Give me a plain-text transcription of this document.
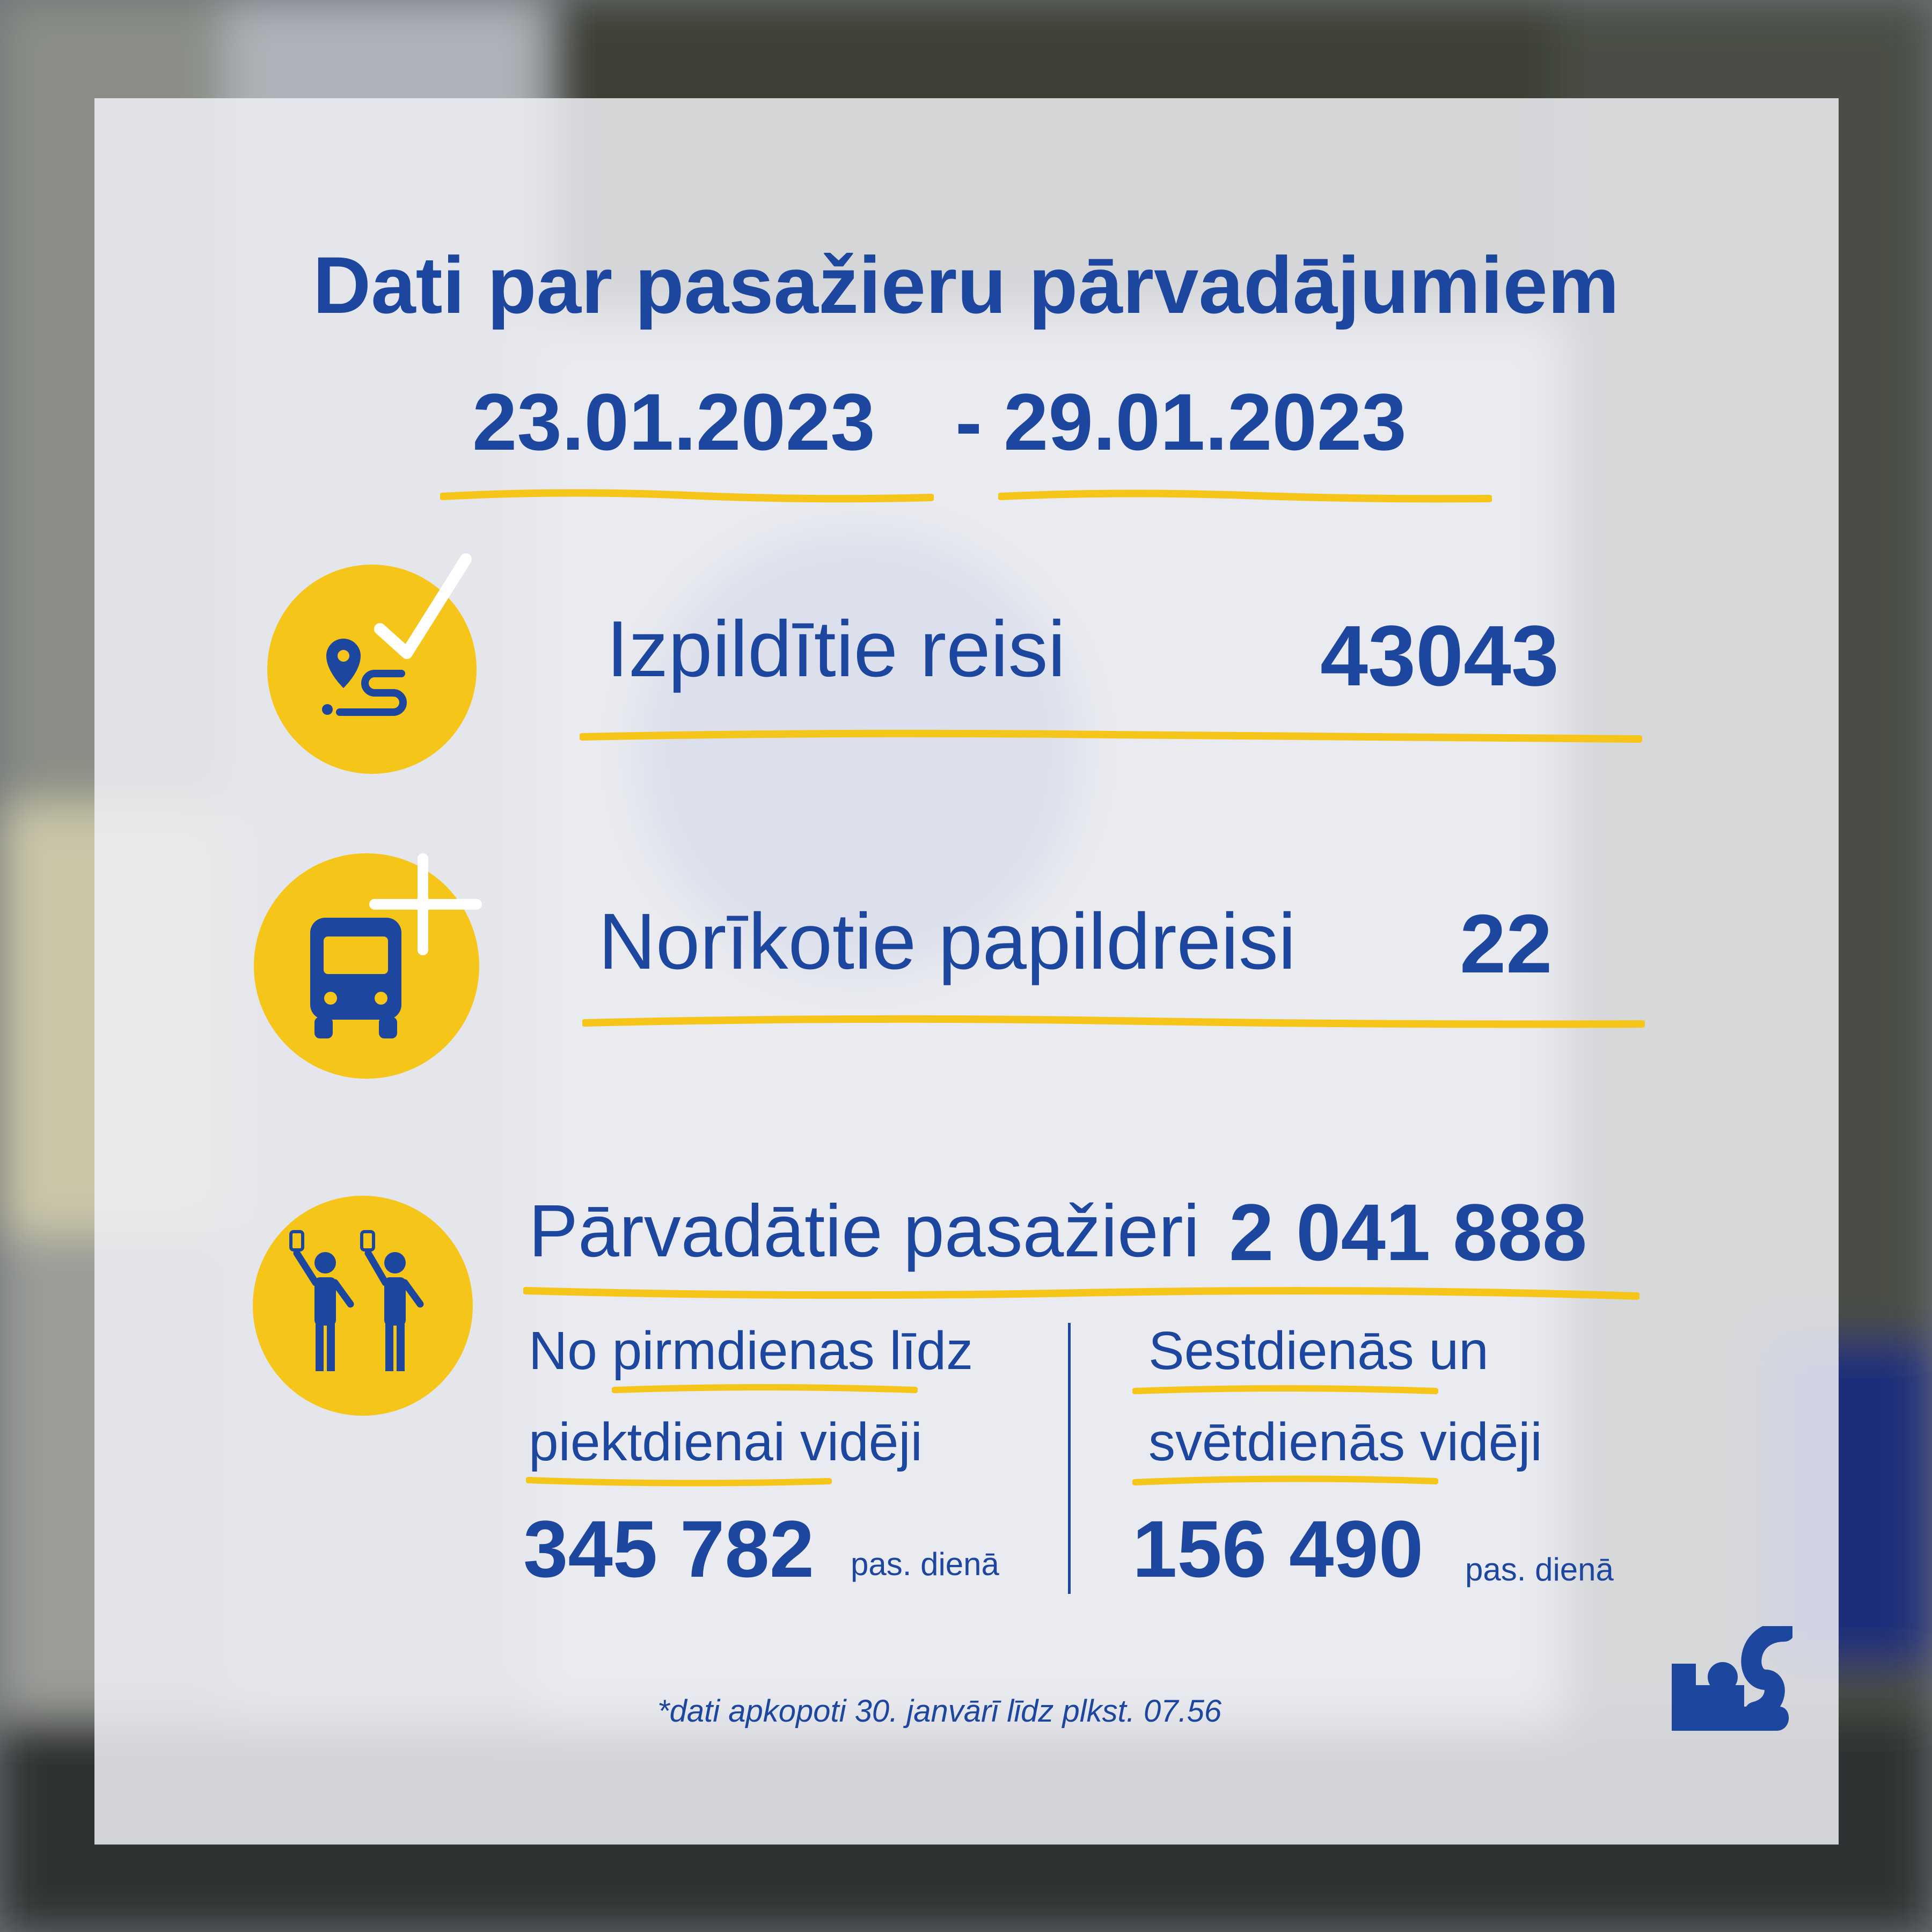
Dati par pasažieru pārvadājumiem
23.01.2023 - 29.01.2023
Izpildītie reisi	43043
Norīkotie papildreisi 22
Pārvadātie pasažieri 2 041 888
No pirmdienas līdz
piektdienai vidēji
345 782 pas. dienā
Sestdienās un
svētdienās vidēji
156 490 pas. dienā
*dati apkopoti 30. janvārī līdz plkst. 07.56
